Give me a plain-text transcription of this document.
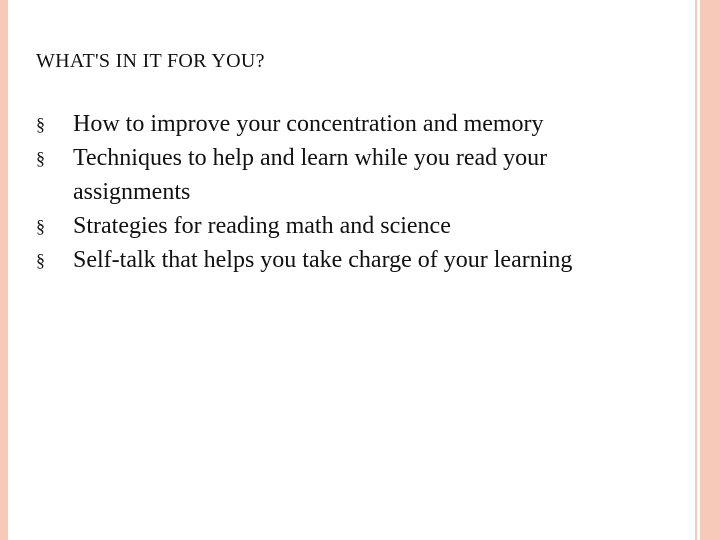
WHAT'S IN IT FOR YOU?
§ How to improve your concentration and memory
§ Techniques to help and learn while you read your assignments
§ Strategies for reading math and science
§ Self-talk that helps you take charge of your learning
